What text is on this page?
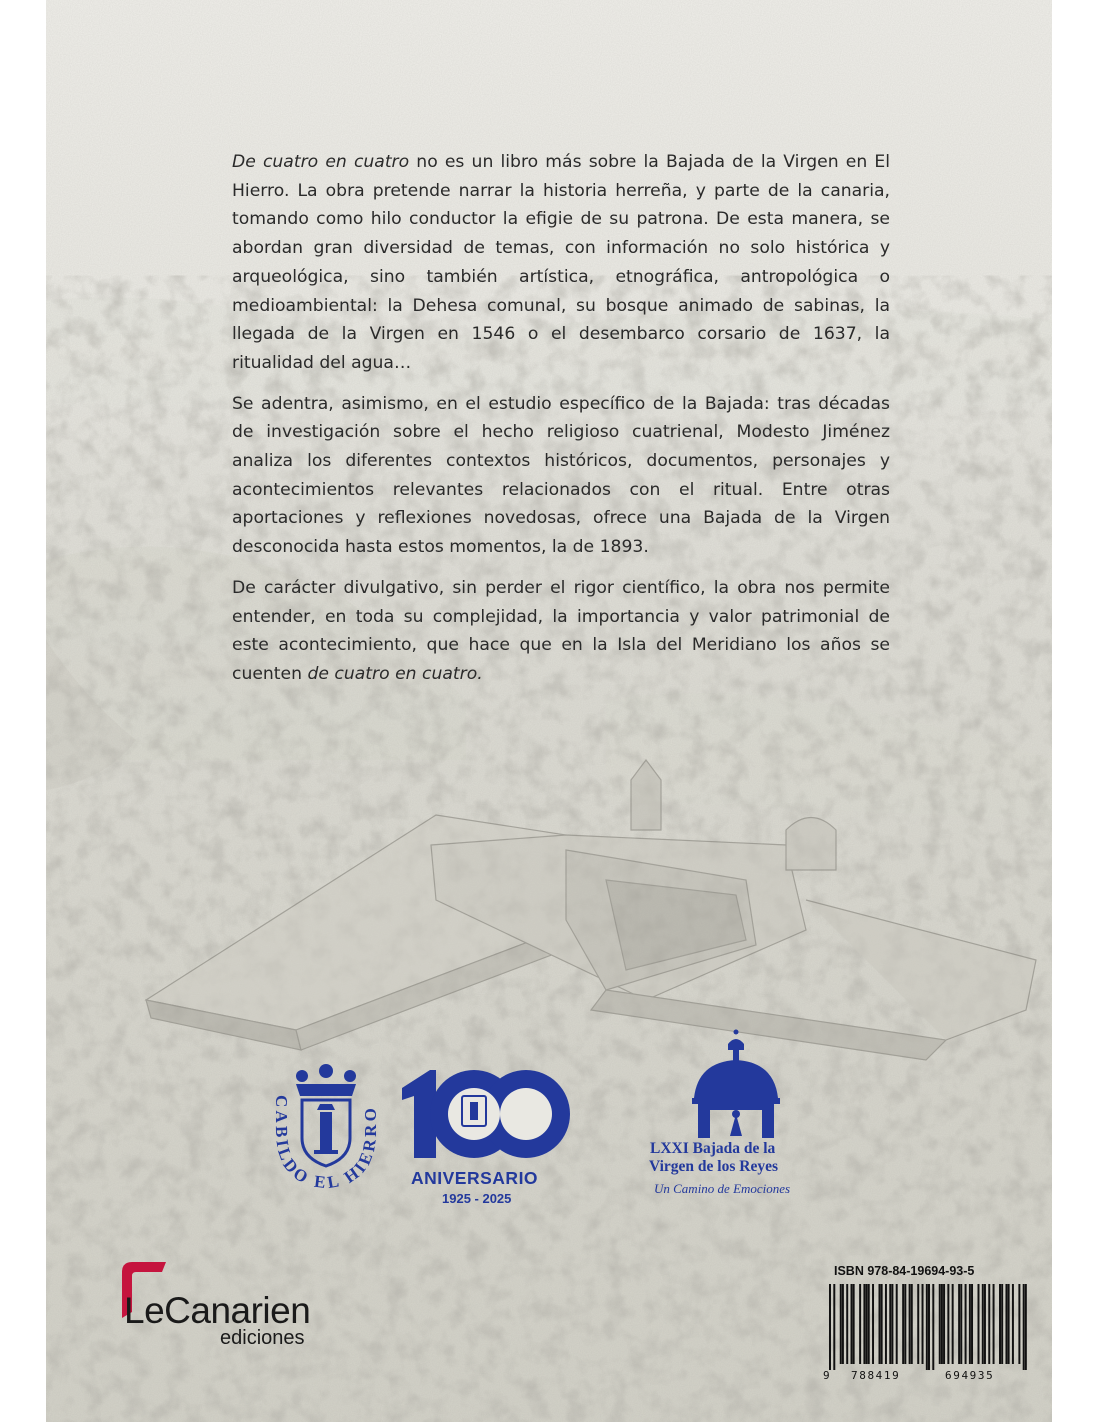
De cuatro en cuatro no es un libro más sobre la Bajada de la Virgen en El Hierro. La obra pretende narrar la historia herreña, y parte de la canaria, tomando como hilo conductor la efigie de su patrona. De esta manera, se abordan gran diversidad de temas, con información no solo histórica y arqueológica, sino también artística, etnográfica, antropológica o medioambiental: la Dehesa comunal, su bosque animado de sabinas, la llegada de la Virgen en 1546 o el desembarco corsario de 1637, la ritualidad del agua…

Se adentra, asimismo, en el estudio específico de la Bajada: tras décadas de investigación sobre el hecho religioso cuatrienal, Modesto Jiménez analiza los diferentes contextos históricos, documentos, personajes y acontecimientos relevantes relacionados con el ritual. Entre otras aportaciones y reflexiones novedosas, ofrece una Bajada de la Virgen desconocida hasta estos momentos, la de 1893.

De carácter divulgativo, sin perder el rigor científico, la obra nos permite entender, en toda su complejidad, la importancia y valor patrimonial de este acontecimiento, que hace que en la Isla del Meridiano los años se cuenten de cuatro en cuatro.

CABILDO EL HIERRO
ANIVERSARIO
1925 - 2025
LXXI Bajada de la
Virgen de los Reyes
Un Camino de Emociones
LeCanarien
ediciones
ISBN 978-84-19694-93-5
9 788419	694935
